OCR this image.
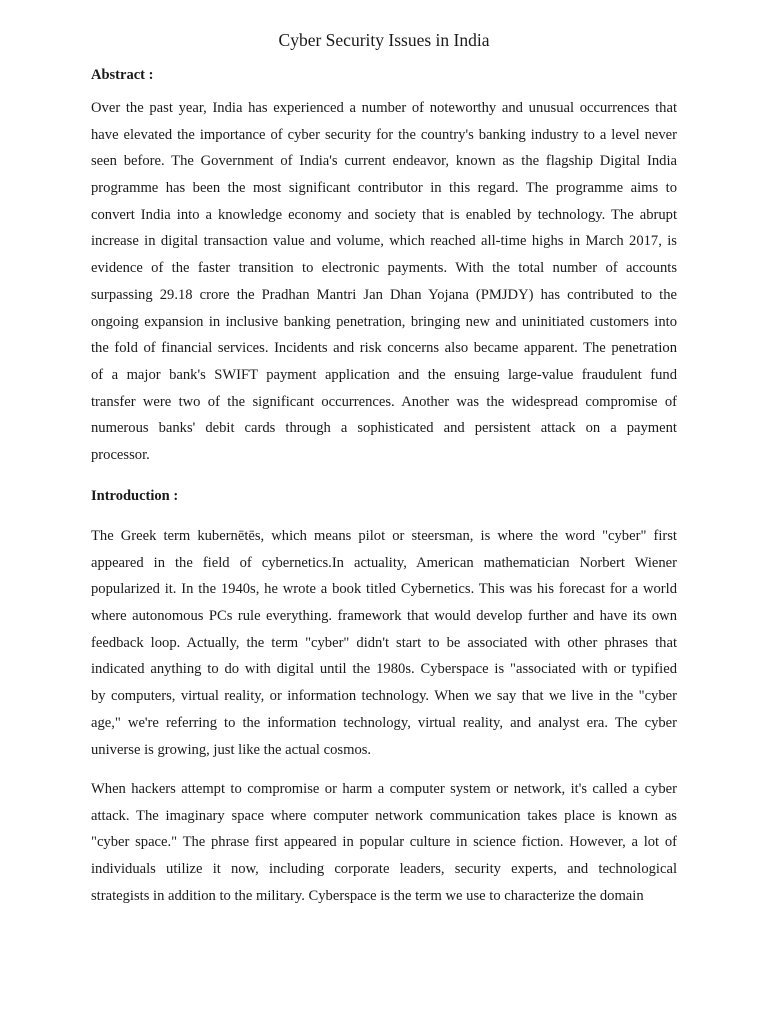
Cyber Security Issues in India
Abstract :
Over the past year, India has experienced a number of noteworthy and unusual occurrences that
have elevated the importance of cyber security for the country's banking industry to a level never
seen before. The Government of India's current endeavor, known as the flagship Digital India
programme has been the most significant contributor in this regard. The programme aims to
convert India into a knowledge economy and society that is enabled by technology. The abrupt
increase in digital transaction value and volume, which reached all-time highs in March 2017, is
evidence of the faster transition to electronic payments. With the total number of accounts
surpassing 29.18 crore the Pradhan Mantri Jan Dhan Yojana (PMJDY) has contributed to the
ongoing expansion in inclusive banking penetration, bringing new and uninitiated customers into
the fold of financial services. Incidents and risk concerns also became apparent. The penetration
of a major bank's SWIFT payment application and the ensuing large-value fraudulent fund
transfer were two of the significant occurrences. Another was the widespread compromise of
numerous banks' debit cards through a sophisticated and persistent attack on a payment
processor.
Introduction :
The Greek term kubernētēs, which means pilot or steersman, is where the word "cyber" first
appeared in the field of cybernetics.In actuality, American mathematician Norbert Wiener
popularized it. In the 1940s, he wrote a book titled Cybernetics. This was his forecast for a world
where autonomous PCs rule everything. framework that would develop further and have its own
feedback loop. Actually, the term "cyber" didn't start to be associated with other phrases that
indicated anything to do with digital until the 1980s. Cyberspace is "associated with or typified
by computers, virtual reality, or information technology. When we say that we live in the "cyber
age," we're referring to the information technology, virtual reality, and analyst era. The cyber
universe is growing, just like the actual cosmos.
When hackers attempt to compromise or harm a computer system or network, it's called a cyber
attack. The imaginary space where computer network communication takes place is known as
"cyber space." The phrase first appeared in popular culture in science fiction. However, a lot of
individuals utilize it now, including corporate leaders, security experts, and technological
strategists in addition to the military. Cyberspace is the term we use to characterize the domain
